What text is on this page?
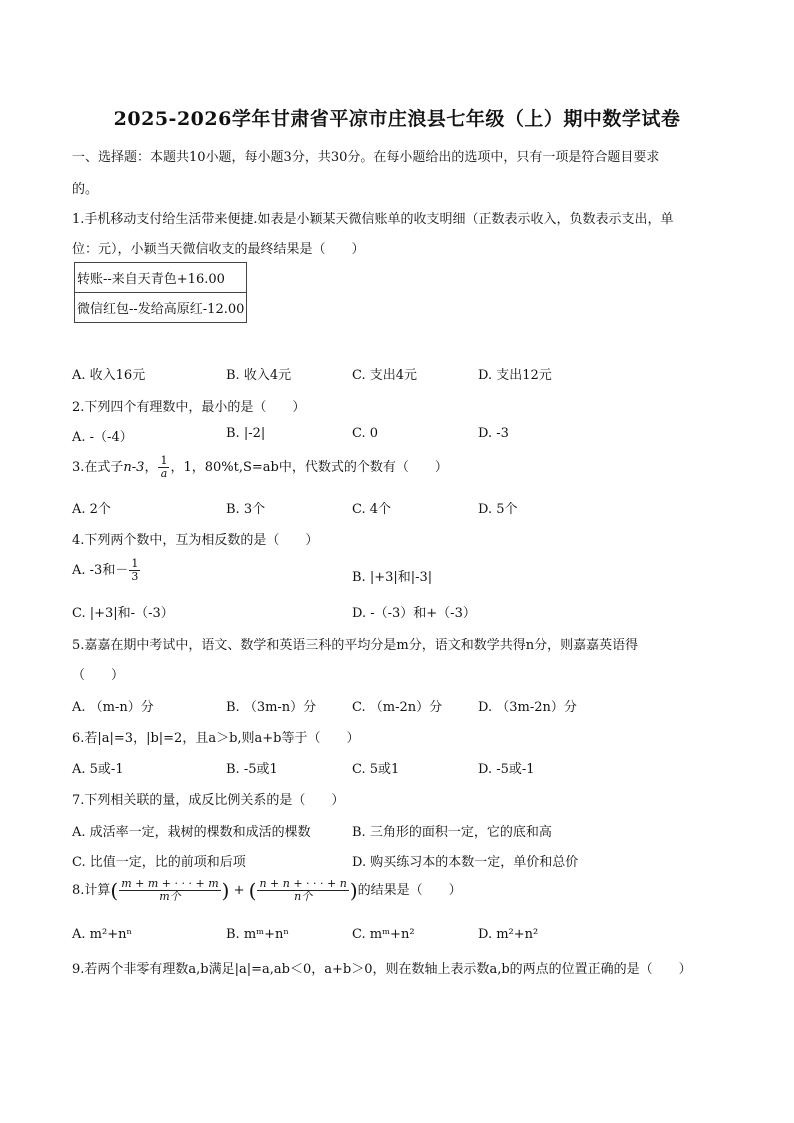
2025-2026学年甘肃省平凉市庄浪县七年级（上）期中数学试卷
一、选择题：本题共10小题，每小题3分，共30分。在每小题给出的选项中，只有一项是符合题目要求
的。
1.手机移动支付给生活带来便捷.如表是小颖某天微信账单的收支明细（正数表示收入，负数表示支出，单
位：元），小颖当天微信收支的最终结果是（　　）
转账--来自天青色+16.00
微信红包--发给高原红-12.00
A. 收入16元	B. 收入4元	C. 支出4元	D. 支出12元
2.下列四个有理数中，最小的是（　　）
A. -（-4）	B. |-2|	C. 0	D. -3
3.在式子n-3， $\frac{1}{a}$ ，1，80%t,S=ab中，代数式的个数有（　　）
A. 2个	B. 3个	C. 4个	D. 5个
4.下列两个数中，互为相反数的是（　　）
A. -3和－ $\frac{1}{3}$	B. |+3|和|-3|
C. |+3|和-（-3）	D. -（-3）和+（-3）
5.嘉嘉在期中考试中，语文、数学和英语三科的平均分是m分，语文和数学共得n分，则嘉嘉英语得
（　　）
A. （m-n）分	B. （3m-n）分	C. （m-2n）分	D. （3m-2n）分
6.若|a|=3，|b|=2，且a＞b,则a+b等于（　　）
A. 5或-1	B. -5或1	C. 5或1	D. -5或-1
7.下列相关联的量，成反比例关系的是（　　）
A. 成活率一定，栽树的棵数和成活的棵数	B. 三角形的面积一定，它的底和高
C. 比值一定，比的前项和后项	D. 购买练习本的本数一定，单价和总价
8.计算( $\frac{m + m + \cdot \cdot \cdot + m}{\text{m个}}$ ) + ( $\frac{n + n + \cdot \cdot \cdot + n}{\text{n个}}$ )的结果是（　　）
A. m²+nⁿ	B. mᵐ+nⁿ	C. mᵐ+n²	D. m²+n²
9.若两个非零有理数a,b满足|a|=a,ab＜0，a+b＞0，则在数轴上表示数a,b的两点的位置正确的是（　　）
